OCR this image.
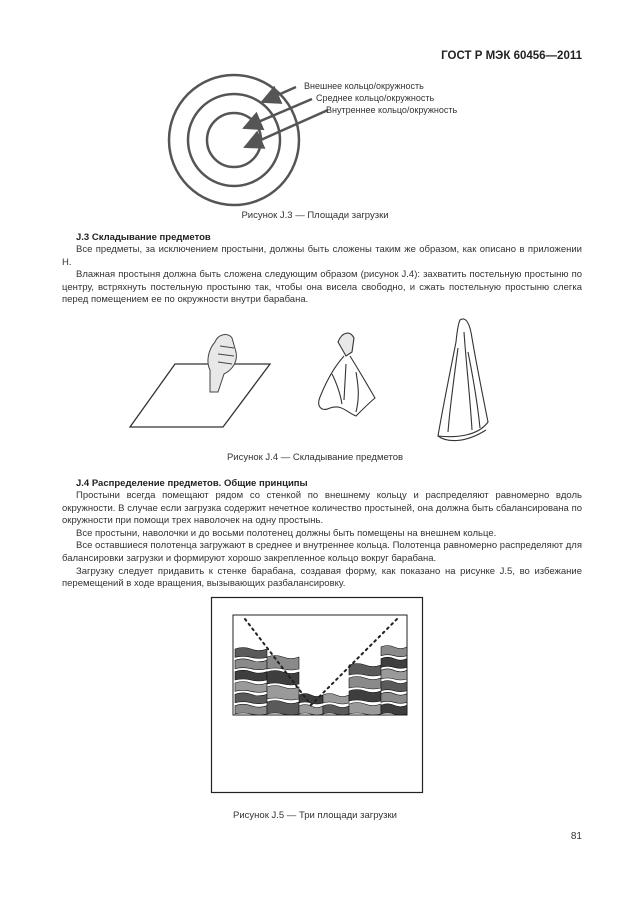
ГОСТ Р МЭК 60456—2011
Внешнее кольцо/окружность
Среднее кольцо/окружность
Внутреннее кольцо/окружность
Рисунок J.3 — Площади загрузки
J.3 Складывание предметов

Все предметы, за исключением простыни, должны быть сложены таким же образом, как описано в приложении Н.

Влажная простыня должна быть сложена следующим образом (рисунок J.4): захватить постельную простыню по центру, встряхнуть постельную простыню так, чтобы она висела свободно, и сжать постельную простыню слегка перед помещением ее по окружности внутри барабана.

Рисунок J.4 — Складывание предметов
J.4 Распределение предметов. Общие принципы

Простыни всегда помещают рядом со стенкой по внешнему кольцу и распределяют равномерно вдоль окружности. В случае если загрузка содержит нечетное количество простыней, она должна быть сбалансирована по окружности при помощи трех наволочек на одну простынь.

Все простыни, наволочки и до восьми полотенец должны быть помещены на внешнем кольце.

Все оставшиеся полотенца загружают в среднее и внутреннее кольца. Полотенца равномерно распределяют для балансировки загрузки и формируют хорошо закрепленное кольцо вокруг барабана.

Загрузку следует придавить к стенке барабана, создавая форму, как показано на рисунке J.5, во избежание перемещений в ходе вращения, вызывающих разбалансировку.

Рисунок J.5 — Три площади загрузки
81
